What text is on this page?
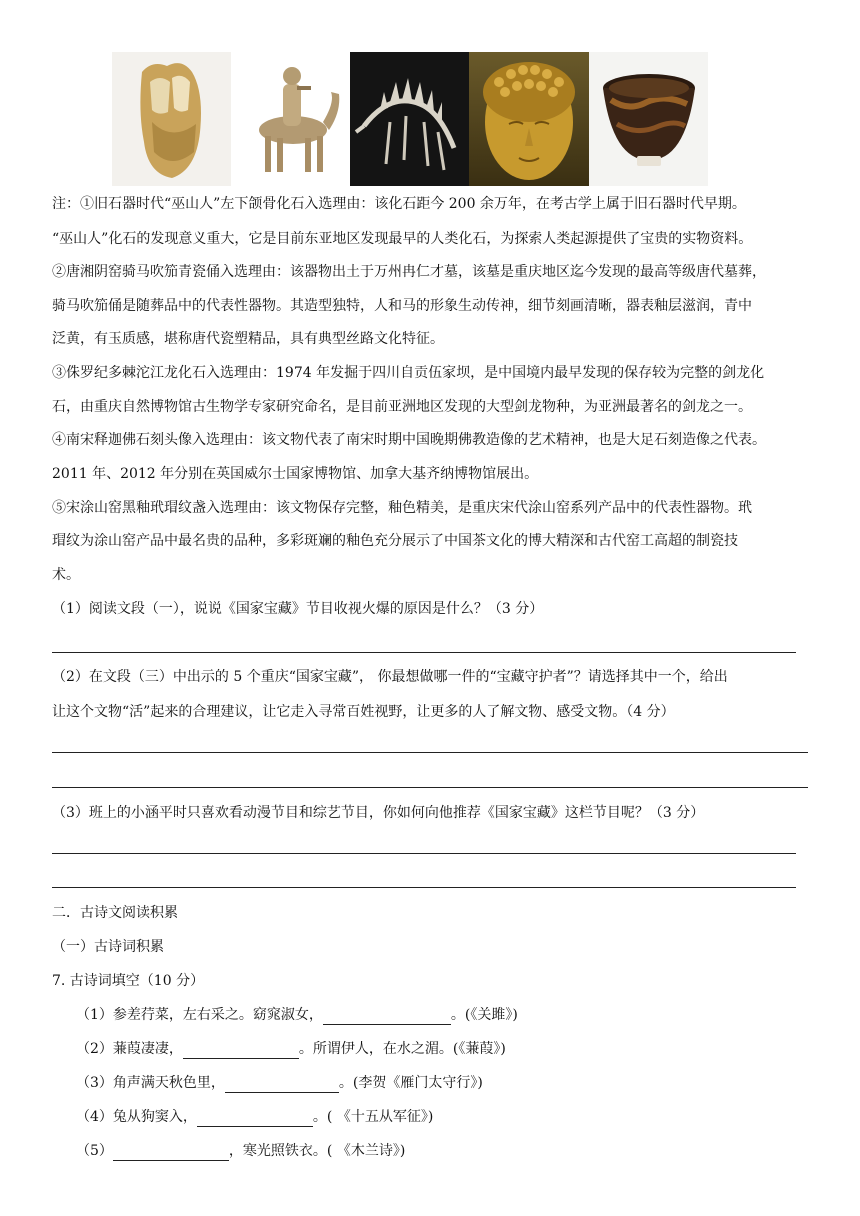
注：①旧石器时代“巫山人”左下颌骨化石入选理由：该化石距今 200 余万年，在考古学上属于旧石器时代早期。
“巫山人”化石的发现意义重大，它是目前东亚地区发现最早的人类化石，为探索人类起源提供了宝贵的实物资料。
②唐湘阴窑骑马吹笳青瓷俑入选理由：该器物出土于万州冉仁才墓，该墓是重庆地区迄今发现的最高等级唐代墓葬，
骑马吹笳俑是随葬品中的代表性器物。其造型独特，人和马的形象生动传神，细节刻画清晰，器表釉层滋润，青中
泛黄，有玉质感，堪称唐代瓷塑精品，具有典型丝路文化特征。
③侏罗纪多棘沱江龙化石入选理由：1974 年发掘于四川自贡伍家坝，是中国境内最早发现的保存较为完整的剑龙化
石，由重庆自然博物馆古生物学专家研究命名，是目前亚洲地区发现的大型剑龙物种，为亚洲最著名的剑龙之一。
④南宋释迦佛石刻头像入选理由：该文物代表了南宋时期中国晚期佛教造像的艺术精神，也是大足石刻造像之代表。
2011 年、2012 年分别在英国威尔士国家博物馆、加拿大基齐纳博物馆展出。
⑤宋涂山窑黑釉玳瑁纹盏入选理由：该文物保存完整，釉色精美，是重庆宋代涂山窑系列产品中的代表性器物。玳
瑁纹为涂山窑产品中最名贵的品种，多彩斑斓的釉色充分展示了中国茶文化的博大精深和古代窑工高超的制瓷技
术。
（1）阅读文段（一），说说《国家宝藏》节目收视火爆的原因是什么？（3 分）
（2）在文段（三）中出示的 5 个重庆“国家宝藏”， 你最想做哪一件的“宝藏守护者”？请选择其中一个，给出
让这个文物“活”起来的合理建议，让它走入寻常百姓视野，让更多的人了解文物、感受文物。（4 分）
（3）班上的小涵平时只喜欢看动漫节目和综艺节目，你如何向他推荐《国家宝藏》这栏节目呢？（3 分）
二．古诗文阅读积累
（一）古诗词积累
7. 古诗词填空（10 分）
（1）参差荇菜，左右采之。窈窕淑女，	。(《关雎》)
（2）蒹葭凄凄，	。所谓伊人，在水之湄。(《蒹葭》)
（3）角声满天秋色里，	。(李贺《雁门太守行》)
（4）兔从狗窦入，	。( 《十五从军征》)
（5）	，寒光照铁衣。( 《木兰诗》)
